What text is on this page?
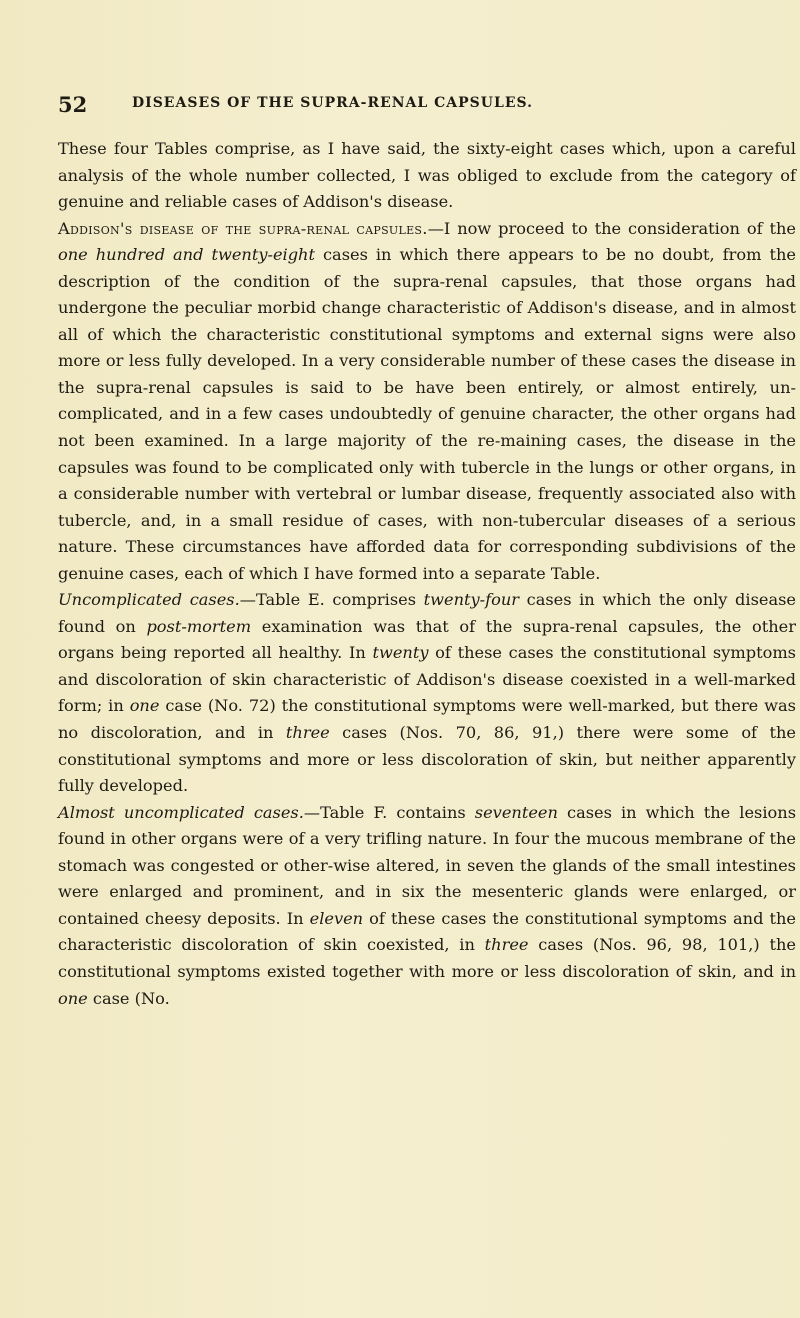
52	DISEASES OF THE SUPRA-RENAL CAPSULES.

These four Tables comprise, as I have said, the sixty-eight cases which, upon a careful analysis of the whole number collected, I was obliged to exclude from the category of genuine and reliable cases of Addison's disease.

Addison's disease of the supra-renal capsules.—I now proceed to the consideration of the one hundred and twenty-eight cases in which there appears to be no doubt, from the description of the condition of the supra-renal capsules, that those organs had undergone the peculiar morbid change characteristic of Addison's disease, and in almost all of which the characteristic constitutional symptoms and external signs were also more or less fully developed. In a very considerable number of these cases the disease in the supra-renal capsules is said to be have been entirely, or almost entirely, un-complicated, and in a few cases undoubtedly of genuine character, the other organs had not been examined. In a large majority of the re-maining cases, the disease in the capsules was found to be complicated only with tubercle in the lungs or other organs, in a considerable number with vertebral or lumbar disease, frequently associated also with tubercle, and, in a small residue of cases, with non-tubercular diseases of a serious nature. These circumstances have afforded data for corresponding subdivisions of the genuine cases, each of which I have formed into a separate Table.

Uncomplicated cases.—Table E. comprises twenty-four cases in which the only disease found on post-mortem examination was that of the supra-renal capsules, the other organs being reported all healthy. In twenty of these cases the constitutional symptoms and discoloration of skin characteristic of Addison's disease coexisted in a well-marked form; in one case (No. 72) the constitutional symptoms were well-marked, but there was no discoloration, and in three cases (Nos. 70, 86, 91,) there were some of the constitutional symptoms and more or less discoloration of skin, but neither apparently fully developed.

Almost uncomplicated cases.—Table F. contains seventeen cases in which the lesions found in other organs were of a very trifling nature. In four the mucous membrane of the stomach was congested or other-wise altered, in seven the glands of the small intestines were enlarged and prominent, and in six the mesenteric glands were enlarged, or contained cheesy deposits. In eleven of these cases the constitutional symptoms and the characteristic discoloration of skin coexisted, in three cases (Nos. 96, 98, 101,) the constitutional symptoms existed together with more or less discoloration of skin, and in one case (No.
